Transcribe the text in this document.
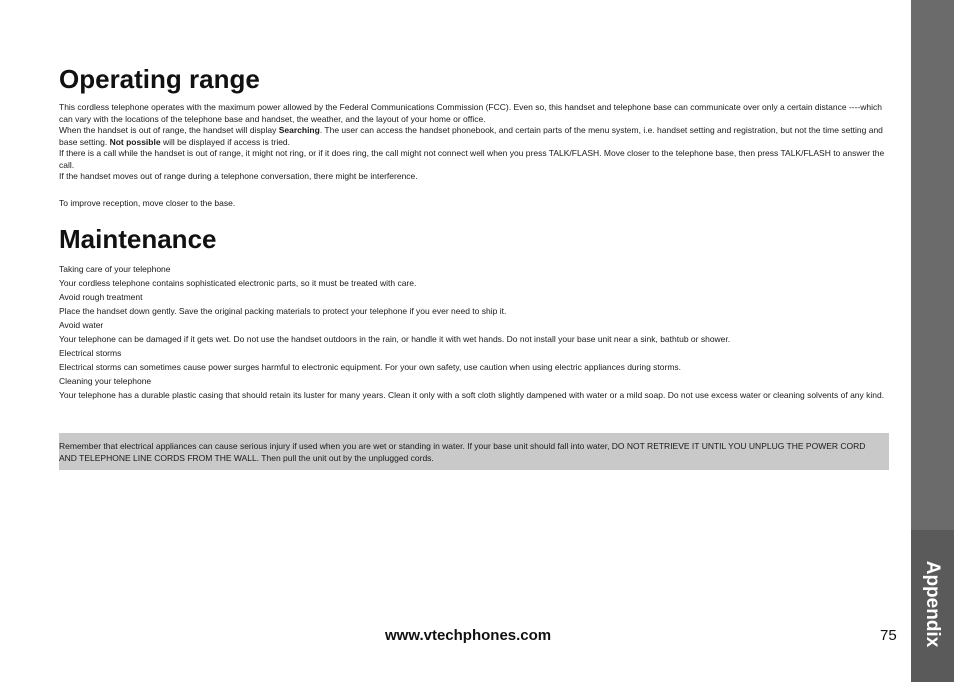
Appendix
Operating range

This cordless telephone operates with the maximum power allowed by the Federal Communications Commission (FCC). Even so, this handset and telephone base can communicate over only a certain distance ----which can vary with the locations of the telephone base and handset, the weather, and the layout of your home or office.

When the handset is out of range, the handset will display Searching. The user can access the handset phonebook, and certain parts of the menu system, i.e. handset setting and registration, but not the time setting and base setting. Not possible will be displayed if access is tried.

If there is a call while the handset is out of range, it might not ring, or if it does ring, the call might not connect well when you press TALK/FLASH. Move closer to the telephone base, then press TALK/FLASH to answer the call.

If the handset moves out of range during a telephone conversation, there might be interference.

To improve reception, move closer to the base.

Maintenance

Taking care of your telephone

Your cordless telephone contains sophisticated electronic parts, so it must be treated with care.

Avoid rough treatment

Place the handset down gently. Save the original packing materials to protect your telephone if you ever need to ship it.

Avoid water

Your telephone can be damaged if it gets wet. Do not use the handset outdoors in the rain, or handle it with wet hands. Do not install your base unit near a sink, bathtub or shower.

Electrical storms

Electrical storms can sometimes cause power surges harmful to electronic equipment. For your own safety, use caution when using electric appliances during storms.

Cleaning your telephone

Your telephone has a durable plastic casing that should retain its luster for many years. Clean it only with a soft cloth slightly dampened with water or a mild soap. Do not use excess water or cleaning solvents of any kind.

Remember that electrical appliances can cause serious injury if used when you are wet or standing in water. If your base unit should fall into water, DO NOT RETRIEVE IT UNTIL YOU UNPLUG THE POWER CORD AND TELEPHONE LINE CORDS FROM THE WALL. Then pull the unit out by the unplugged cords.

www.vtechphones.com	75
